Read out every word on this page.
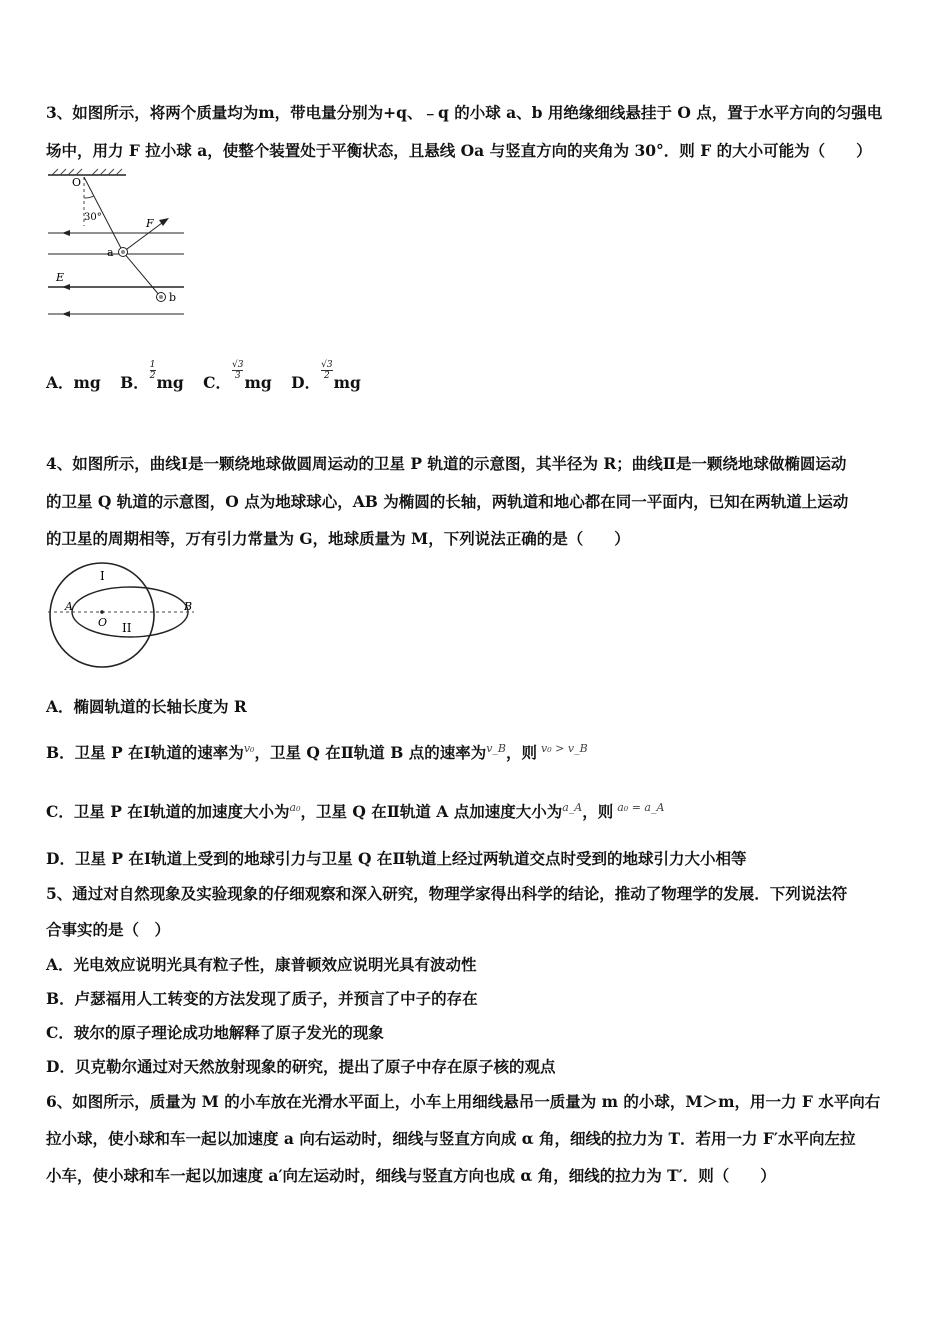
3、如图所示，将两个质量均为m，带电量分别为+q、﹣q 的小球 a、b 用绝缘细线悬挂于 O 点，置于水平方向的匀强电
场中，用力 F 拉小球 a，使整个装置处于平衡状态，且悬线 Oa 与竖直方向的夹角为 30°．则 F 的大小可能为（　　）
O
30°	F
a
E
b
A．mg B．$\frac{1}{2}$
mg C．$\frac{√3}{3}$
mg D．$\frac{√3}{2}$
mg
4、如图所示，曲线Ⅰ是一颗绕地球做圆周运动的卫星 P 轨道的示意图，其半径为 R；曲线Ⅱ是一颗绕地球做椭圆运动
的卫星 Q 轨道的示意图，O 点为地球球心，AB 为椭圆的长轴，两轨道和地心都在同一平面内，已知在两轨道上运动
的卫星的周期相等，万有引力常量为 G，地球质量为 M，下列说法正确的是（　　）
I
II
A	B
O
A．椭圆轨道的长轴长度为 R
B．卫星 P 在Ⅰ轨道的速率为$^{v_0}$，卫星 Q 在Ⅱ轨道 B 点的速率为$^{v\_B}$，则 $^{v_0 > v\_B}$
C．卫星 P 在Ⅰ轨道的加速度大小为$^{a_0}$，卫星 Q 在Ⅱ轨道 A 点加速度大小为$^{a\_A}$，则 $^{a_0 = a\_A}$
D．卫星 P 在Ⅰ轨道上受到的地球引力与卫星 Q 在Ⅱ轨道上经过两轨道交点时受到的地球引力大小相等
5、通过对自然现象及实验现象的仔细观察和深入研究，物理学家得出科学的结论，推动了物理学的发展．下列说法符
合事实的是（　）
A．光电效应说明光具有粒子性，康普顿效应说明光具有波动性
B．卢瑟福用人工转变的方法发现了质子，并预言了中子的存在
C．玻尔的原子理论成功地解释了原子发光的现象
D．贝克勒尔通过对天然放射现象的研究，提出了原子中存在原子核的观点
6、如图所示，质量为 M 的小车放在光滑水平面上，小车上用细线悬吊一质量为 m 的小球，M＞m，用一力 F 水平向右
拉小球，使小球和车一起以加速度 a 向右运动时，细线与竖直方向成 α 角，细线的拉力为 T．若用一力 F′水平向左拉
小车，使小球和车一起以加速度 a′向左运动时，细线与竖直方向也成 α 角，细线的拉力为 T′．则（　　）
